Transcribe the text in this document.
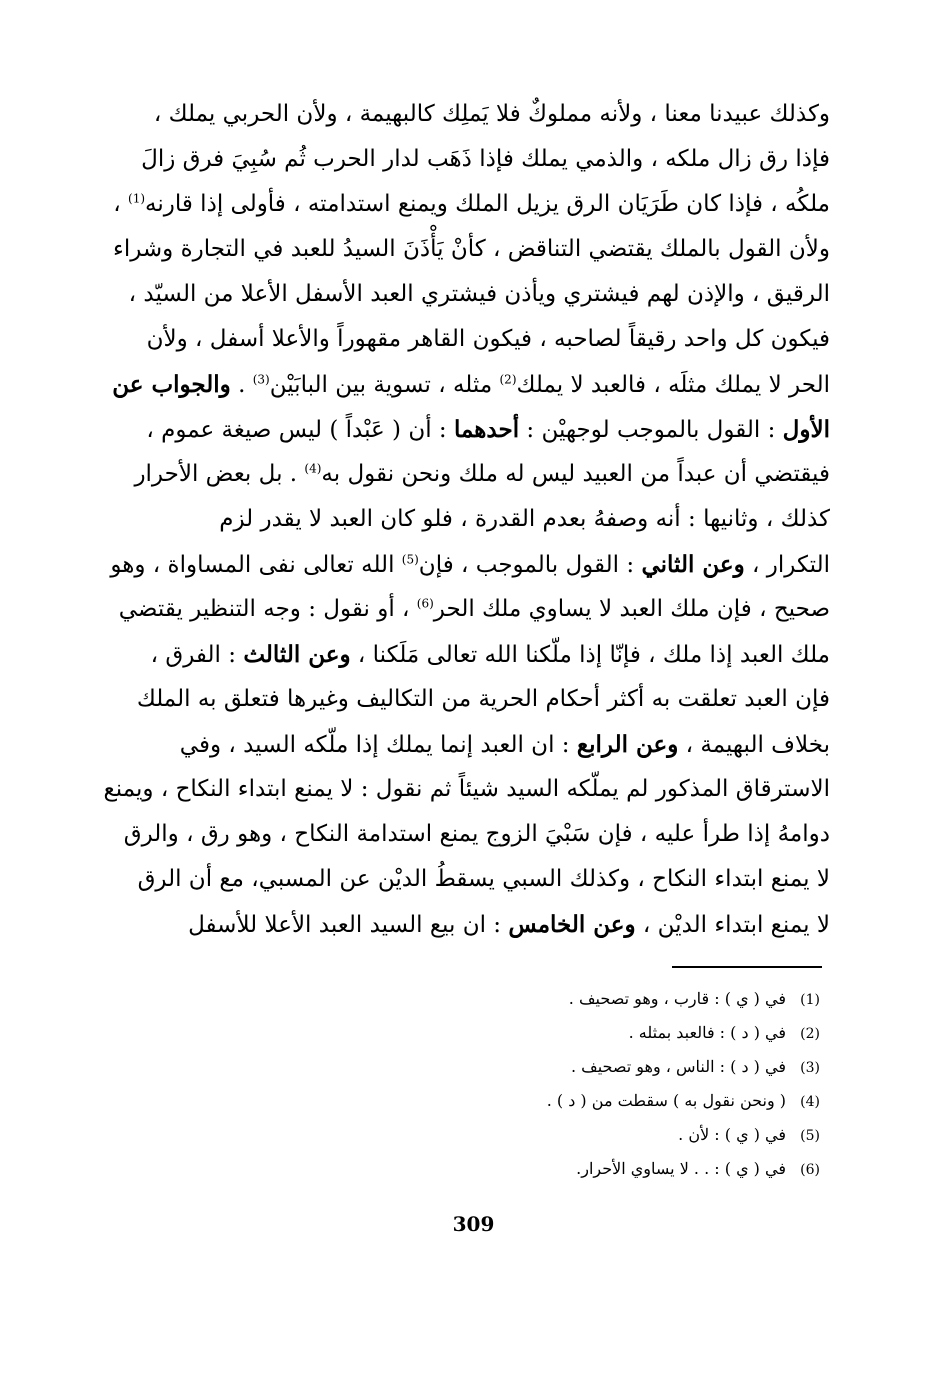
وكذلك عبيدنا معنا ، ولأنه مملوكٌ فلا يَملِك كالبهيمة ، ولأن الحربي يملك ،
فإذا رق زال ملكه ، والذمي يملك فإذا ذَهَب لدار الحرب ثُم سُبِيَ فرق زالَ
ملكُه ، فإذا كان طَرَيَان الرق يزيل الملك ويمنع استدامته ، فأولى إذا قارنه$^{(1)}$ ،
ولأن القول بالملك يقتضي التناقض ، كأنْ يَأْذَنَ السيدُ للعبد في التجارة وشراء
الرقيق ، والإذن لهم فيشتري ويأذن فيشتري العبد الأسفل الأعلا من السيّد ،
فيكون كل واحد رقيقاً لصاحبه ، فيكون القاهر مقهوراً والأعلا أسفل ، ولأن
الحر لا يملك مثلَه ، فالعبد لا يملك$^{(2)}$ مثله ، تسوية بين البابَيْن$^{(3)}$ . والجواب عن
الأول : القول بالموجب لوجهيْن : أحدهما : أن ( عَبْداً ) ليس صيغة عموم ،
فيقتضي أن عبداً من العبيد ليس له ملك ونحن نقول به$^{(4)}$ . بل بعض الأحرار
كذلك ، وثانيها : أنه وصفهُ بعدم القدرة ، فلو كان العبد لا يقدر لزم
التكرار ، وعن الثاني : القول بالموجب ، فإن$^{(5)}$ الله تعالى نفى المساواة ، وهو
صحيح ، فإن ملك العبد لا يساوي ملك الحر$^{(6)}$ ، أو نقول : وجه التنظير يقتضي
ملك العبد إذا ملك ، فإنّا إذا ملّكنا الله تعالى مَلَكنا ، وعن الثالث : الفرق ،
فإن العبد تعلقت به أكثر أحكام الحرية من التكاليف وغيرها فتعلق به الملك
بخلاف البهيمة ، وعن الرابع : ان العبد إنما يملك إذا ملّكه السيد ، وفي
الاسترقاق المذكور لم يملّكه السيد شيئاً ثم نقول : لا يمنع ابتداء النكاح ، ويمنع
دوامهُ إذا طرأ عليه ، فإن سَبْيَ الزوج يمنع استدامة النكاح ، وهو رق ، والرق
لا يمنع ابتداء النكاح ، وكذلك السبي يسقطُ الديْن عن المسبي، مع أن الرق
لا يمنع ابتداء الديْن ، وعن الخامس : ان بيع السيد العبد الأعلا للأسفل
(1)في ( ي ) : قارب ، وهو تصحيف .
(2)في ( د ) : فالعبد بمثله .
(3)في ( د ) : الناس ، وهو تصحيف .
(4)( ونحن نقول به ) سقطت من ( د ) .
(5)في ( ي ) : لأن .
(6)في ( ي ) : . . لا يساوي الأحرار.
309
